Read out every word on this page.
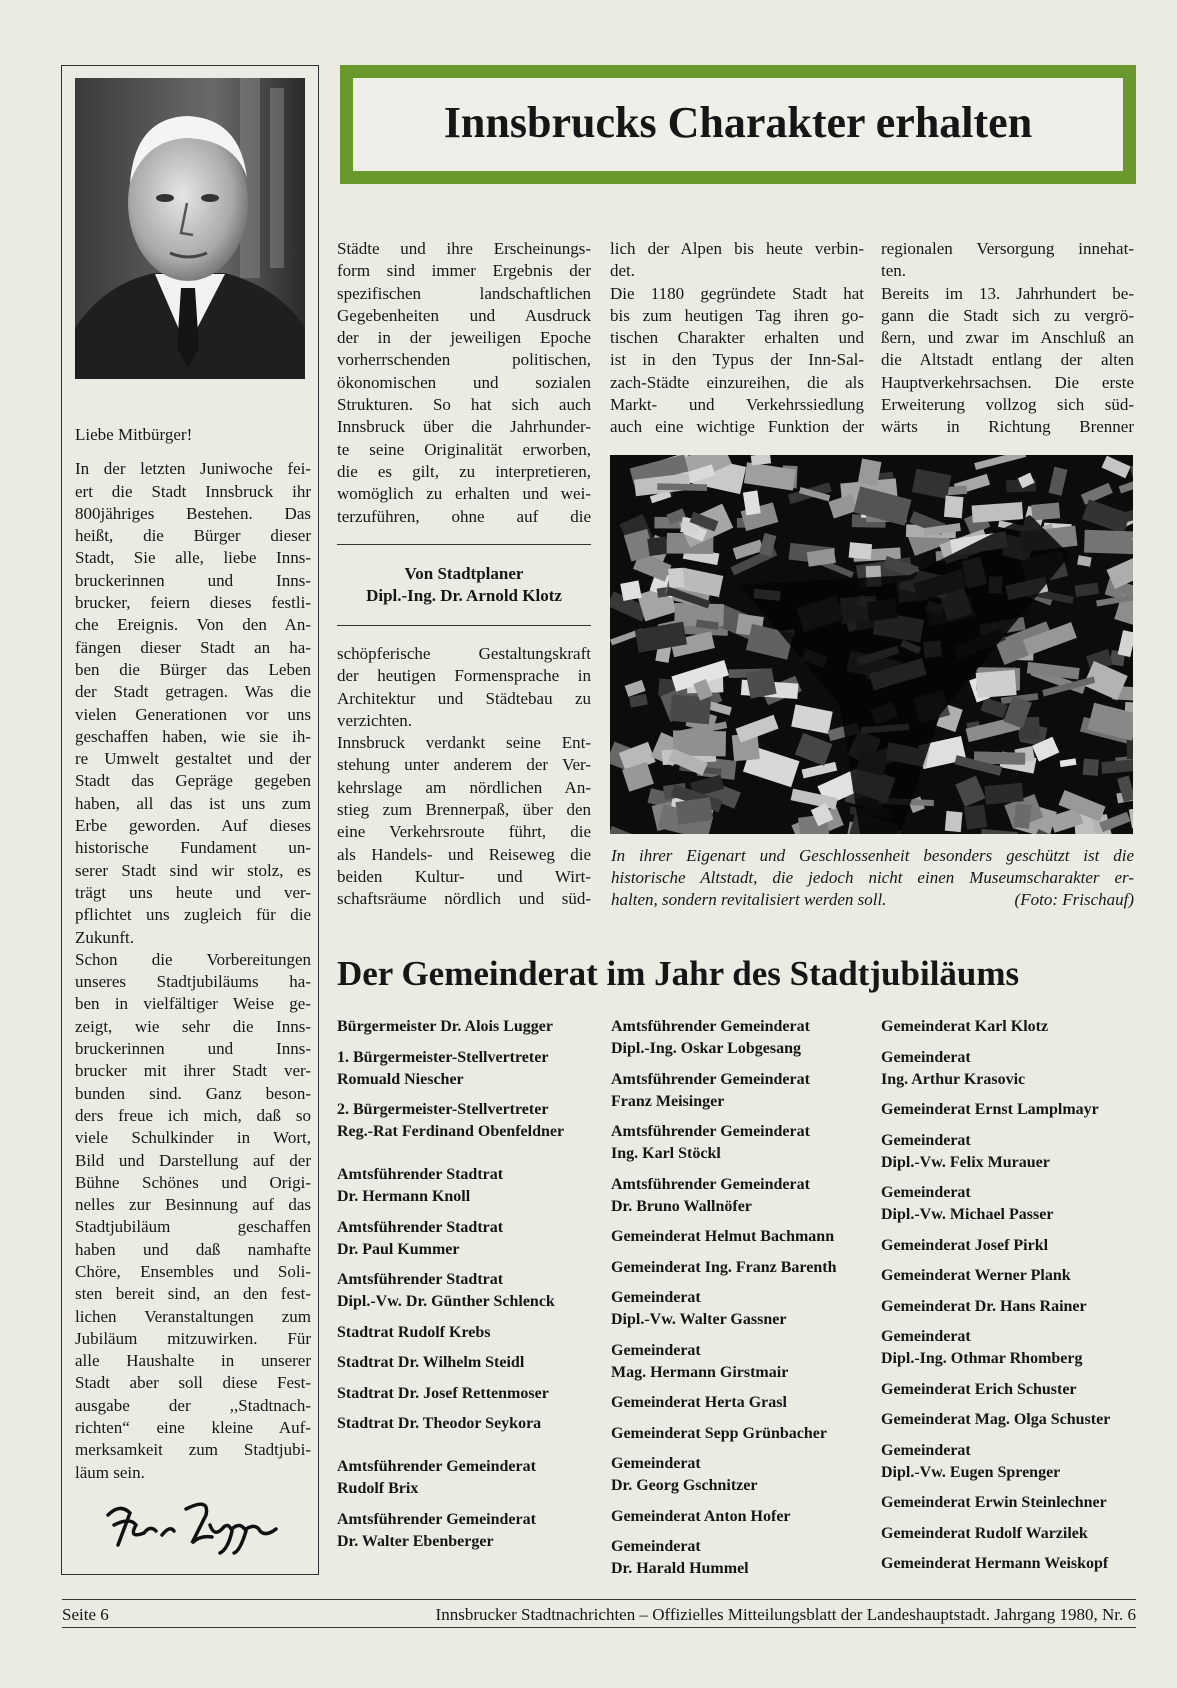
Liebe Mitbürger!
In der letzten Juniwoche fei-
ert die Stadt Innsbruck ihr
800jähriges Bestehen. Das
heißt, die Bürger dieser
Stadt, Sie alle, liebe Inns-
bruckerinnen und Inns-
brucker, feiern dieses festli-
che Ereignis. Von den An-
fängen dieser Stadt an ha-
ben die Bürger das Leben
der Stadt getragen. Was die
vielen Generationen vor uns
geschaffen haben, wie sie ih-
re Umwelt gestaltet und der
Stadt das Gepräge gegeben
haben, all das ist uns zum
Erbe geworden. Auf dieses
historische Fundament un-
serer Stadt sind wir stolz, es
trägt uns heute und ver-
pflichtet uns zugleich für die
Zukunft.
Schon die Vorbereitungen
unseres Stadtjubiläums ha-
ben in vielfältiger Weise ge-
zeigt, wie sehr die Inns-
bruckerinnen und Inns-
brucker mit ihrer Stadt ver-
bunden sind. Ganz beson-
ders freue ich mich, daß so
viele Schulkinder in Wort,
Bild und Darstellung auf der
Bühne Schönes und Origi-
nelles zur Besinnung auf das
Stadtjubiläum geschaffen
haben und daß namhafte
Chöre, Ensembles und Soli-
sten bereit sind, an den fest-
lichen Veranstaltungen zum
Jubiläum mitzuwirken. Für
alle Haushalte in unserer
Stadt aber soll diese Fest-
ausgabe der ,,Stadtnach-
richten“ eine kleine Auf-
merksamkeit zum Stadtjubi-
läum sein.
Innsbrucks Charakter erhalten
Städte und ihre Erscheinungs-
form sind immer Ergebnis der
spezifischen landschaftlichen
Gegebenheiten und Ausdruck
der in der jeweiligen Epoche
vorherrschenden politischen,
ökonomischen und sozialen
Strukturen. So hat sich auch
Innsbruck über die Jahrhunder-
te seine Originalität erworben,
die es gilt, zu interpretieren,
womöglich zu erhalten und wei-
terzuführen, ohne auf die
Von Stadtplaner
Dipl.-Ing. Dr. Arnold Klotz
schöpferische Gestaltungskraft
der heutigen Formensprache in
Architektur und Städtebau zu
verzichten.
Innsbruck verdankt seine Ent-
stehung unter anderem der Ver-
kehrslage am nördlichen An-
stieg zum Brennerpaß, über den
eine Verkehrsroute führt, die
als Handels- und Reiseweg die
beiden Kultur- und Wirt-
schaftsräume nördlich und süd-
lich der Alpen bis heute verbin-
det.
Die 1180 gegründete Stadt hat
bis zum heutigen Tag ihren go-
tischen Charakter erhalten und
ist in den Typus der Inn-Sal-
zach-Städte einzureihen, die als
Markt- und Verkehrssiedlung
auch eine wichtige Funktion der
regionalen Versorgung innehat-
ten.
Bereits im 13. Jahrhundert be-
gann die Stadt sich zu vergrö-
ßern, und zwar im Anschluß an
die Altstadt entlang der alten
Hauptverkehrsachsen. Die erste
Erweiterung vollzog sich süd-
wärts in Richtung Brenner
In ihrer Eigenart und Geschlossenheit besonders geschützt ist die
historische Altstadt, die jedoch nicht einen Museumscharakter er-
halten, sondern revitalisiert werden soll.	(Foto: Frischauf)
Der Gemeinderat im Jahr des Stadtjubiläums
Bürgermeister Dr. Alois Lugger
1. Bürgermeister-Stellvertreter
Romuald Niescher
2. Bürgermeister-Stellvertreter
Reg.-Rat Ferdinand Obenfeldner
Amtsführender Stadtrat
Dr. Hermann Knoll
Amtsführender Stadtrat
Dr. Paul Kummer
Amtsführender Stadtrat
Dipl.-Vw. Dr. Günther Schlenck
Stadtrat Rudolf Krebs
Stadtrat Dr. Wilhelm Steidl
Stadtrat Dr. Josef Rettenmoser
Stadtrat Dr. Theodor Seykora
Amtsführender Gemeinderat
Rudolf Brix
Amtsführender Gemeinderat
Dr. Walter Ebenberger
Amtsführender Gemeinderat
Dipl.-Ing. Oskar Lobgesang
Amtsführender Gemeinderat
Franz Meisinger
Amtsführender Gemeinderat
Ing. Karl Stöckl
Amtsführender Gemeinderat
Dr. Bruno Wallnöfer
Gemeinderat Helmut Bachmann
Gemeinderat Ing. Franz Barenth
Gemeinderat
Dipl.-Vw. Walter Gassner
Gemeinderat
Mag. Hermann Girstmair
Gemeinderat Herta Grasl
Gemeinderat Sepp Grünbacher
Gemeinderat
Dr. Georg Gschnitzer
Gemeinderat Anton Hofer
Gemeinderat
Dr. Harald Hummel
Gemeinderat Karl Klotz
Gemeinderat
Ing. Arthur Krasovic
Gemeinderat Ernst Lamplmayr
Gemeinderat
Dipl.-Vw. Felix Murauer
Gemeinderat
Dipl.-Vw. Michael Passer
Gemeinderat Josef Pirkl
Gemeinderat Werner Plank
Gemeinderat Dr. Hans Rainer
Gemeinderat
Dipl.-Ing. Othmar Rhomberg
Gemeinderat Erich Schuster
Gemeinderat Mag. Olga Schuster
Gemeinderat
Dipl.-Vw. Eugen Sprenger
Gemeinderat Erwin Steinlechner
Gemeinderat Rudolf Warzilek
Gemeinderat Hermann Weiskopf
Seite 6	Innsbrucker Stadtnachrichten – Offizielles Mitteilungsblatt der Landeshauptstadt. Jahrgang 1980, Nr. 6
